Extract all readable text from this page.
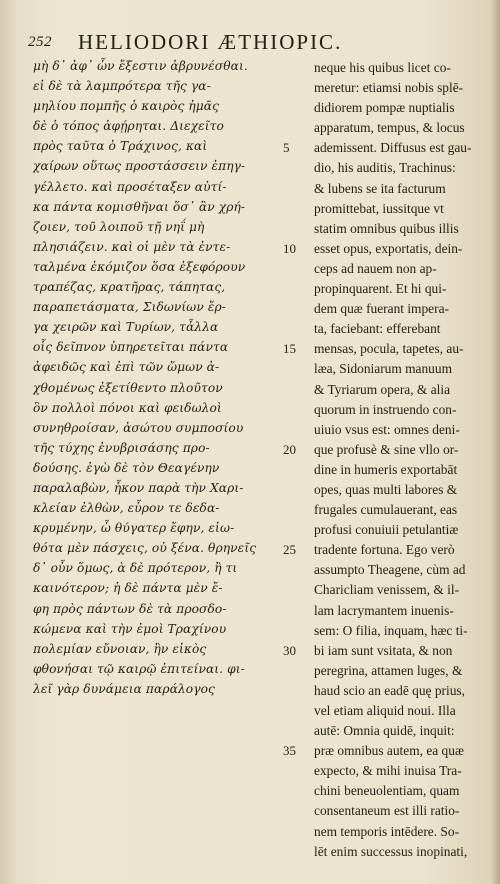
252 HELIODORI ÆTHIOPIC.
μὴ δ᾽ ἀφ᾽ ὧν ἔξεστιν ἀβρυνέσθαι.
εἰ δὲ τὰ λαμπρότερα τῆς γα-
μηλίου πομπῆς ὁ καιρὸς ἡμᾶς
δὲ ὁ τόπος ἀφῄρηται. Διεχεῖτο
πρὸς ταῦτα ὁ Τράχινος, καὶ
χαίρων οὕτως προστάσσειν ἐπηγ-
γέλλετο. καὶ προσέταξεν αὐτί-
κα πάντα κομισθῆναι ὅσ᾽ ἂν χρή-
ζοιεν, τοῦ λοιποῦ τῇ νηΐ μὴ
πλησιάζειν. καὶ οἱ μὲν τὰ ἐντε-
ταλμένα ἐκόμιζον ὅσα ἐξεφόρουν
τραπέζας, κρατῆρας, τάπητας,
παραπετάσματα, Σιδωνίων ἔρ-
γα χειρῶν καὶ Τυρίων, τἆλλα
οἷς δεῖπνον ὑπηρετεῖται πάντα
ἀφειδῶς καὶ ἐπὶ τῶν ὤμων ἀ-
χθομένως ἐξετίθεντο πλοῦτον
ὃν πολλοὶ πόνοι καὶ φειδωλοὶ
συνηθροίσαν, ἀσώτου συμποσίου
τῆς τύχης ἐνυβρισάσης προ-
δούσης. ἐγὼ δὲ τὸν Θεαγένην
παραλαβὼν, ἧκον παρὰ τὴν Χαρι-
κλείαν ἐλθὼν, εὗρον τε δεδα-
κρυμένην, ὦ θύγατερ ἔφην, εἰω-
θότα μὲν πάσχεις, οὐ ξένα. θρηνεῖς
δ᾽ οὖν ὅμως, ὰ δὲ πρότερον, ἢ τι
καινότερον; ἡ δὲ πάντα μὲν ἔ-
φη πρὸς πάντων δὲ τὰ προσδο-
κώμενα καὶ τὴν ἐμοὶ Τραχίνου
πολεμίαν εὔνοιαν, ἣν εἰκὸς
φθονήσαι τῷ καιρῷ ἐπιτείναι. φι-
λεῖ γὰρ δυνάμεια παράλογος
5
10
15
20
25
30
35
neque his quibus licet co-
meretur: etiamsi nobis splē-
didiorem pompæ nuptialis
apparatum, tempus, & locus
ademissent. Diffusus est gau-
dio, his auditis, Trachinus:
& lubens se ita facturum
promittebat, iussitque vt
statim omnibus quibus illis
esset opus, exportatis, dein-
ceps ad nauem non ap-
propinquarent. Et hi qui-
dem quæ fuerant impera-
ta, faciebant: efferebant
mensas, pocula, tapetes, au-
læa, Sidoniarum manuum
& Tyriarum opera, & alia
quorum in instruendo con-
uiuio vsus est: omnes deni-
que profusè & sine vllo or-
dine in humeris exportabāt
opes, quas multi labores &
frugales cumulauerant, eas
profusi conuiuii petulantiæ
tradente fortuna. Ego verò
assumpto Theagene, cùm ad
Charicliam venissem, & il-
lam lacrymantem inuenis-
sem: O filia, inquam, hæc ti-
bi iam sunt vsitata, & non
peregrina, attamen luges, &
haud scio an eadē quę prius,
vel etiam aliquid noui. Illa
autē: Omnia quidē, inquit:
præ omnibus autem, ea quæ
expecto, & mihi inuisa Tra-
chini beneuolentiam, quam
consentaneum est illi ratio-
nem temporis intēdere. So-
lēt enim successus inopinati,
